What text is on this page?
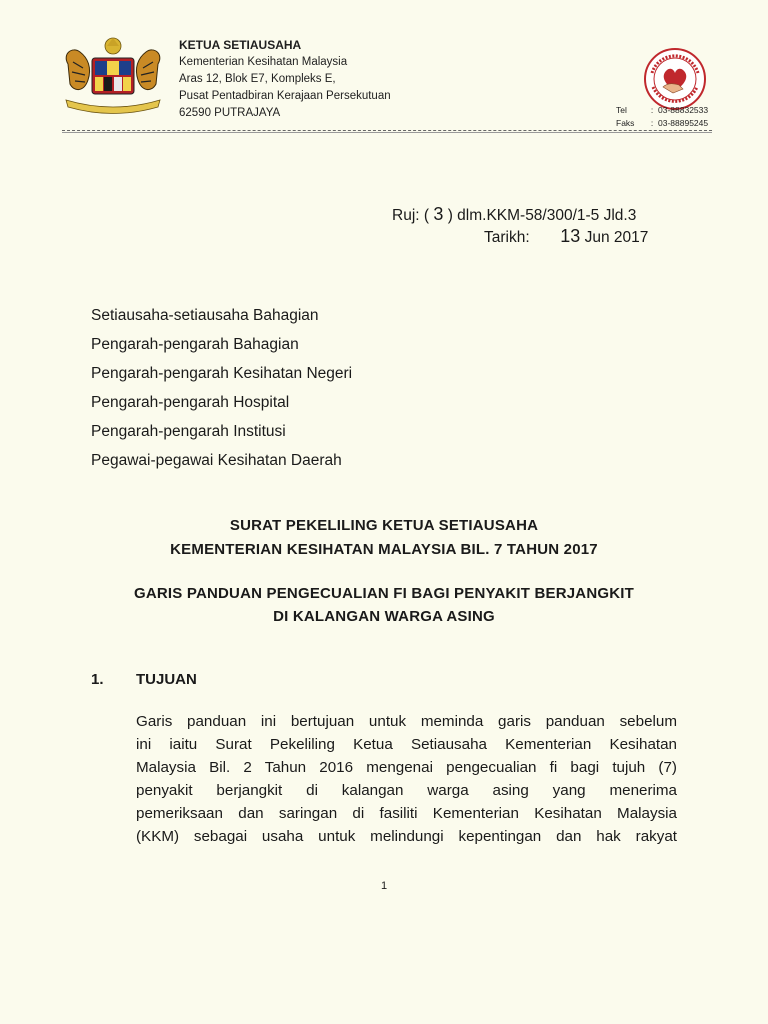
KETUA SETIAUSAHA
Kementerian Kesihatan Malaysia
Aras 12, Blok E7, Kompleks E,
Pusat Pentadbiran Kerajaan Persekutuan
62590 PUTRAJAYA	Tel	: 03-88832533
Faks	: 03-88895245
Ruj: ( 3 ) dlm.KKM-58/300/1-5 Jld.3
Tarikh: 13 Jun 2017
Setiausaha-setiausaha Bahagian
Pengarah-pengarah Bahagian
Pengarah-pengarah Kesihatan Negeri
Pengarah-pengarah Hospital
Pengarah-pengarah Institusi
Pegawai-pegawai Kesihatan Daerah
SURAT PEKELILING KETUA SETIAUSAHA
KEMENTERIAN KESIHATAN MALAYSIA BIL. 7 TAHUN 2017
GARIS PANDUAN PENGECUALIAN FI BAGI PENYAKIT BERJANGKIT
DI KALANGAN WARGA ASING
1. TUJUAN
Garis panduan ini bertujuan untuk meminda garis panduan sebelum
ini iaitu Surat Pekeliling Ketua Setiausaha Kementerian Kesihatan
Malaysia Bil. 2 Tahun 2016 mengenai pengecualian fi bagi tujuh (7)
penyakit berjangkit di kalangan warga asing yang menerima
pemeriksaan dan saringan di fasiliti Kementerian Kesihatan Malaysia
(KKM) sebagai usaha untuk melindungi kepentingan dan hak rakyat
1
